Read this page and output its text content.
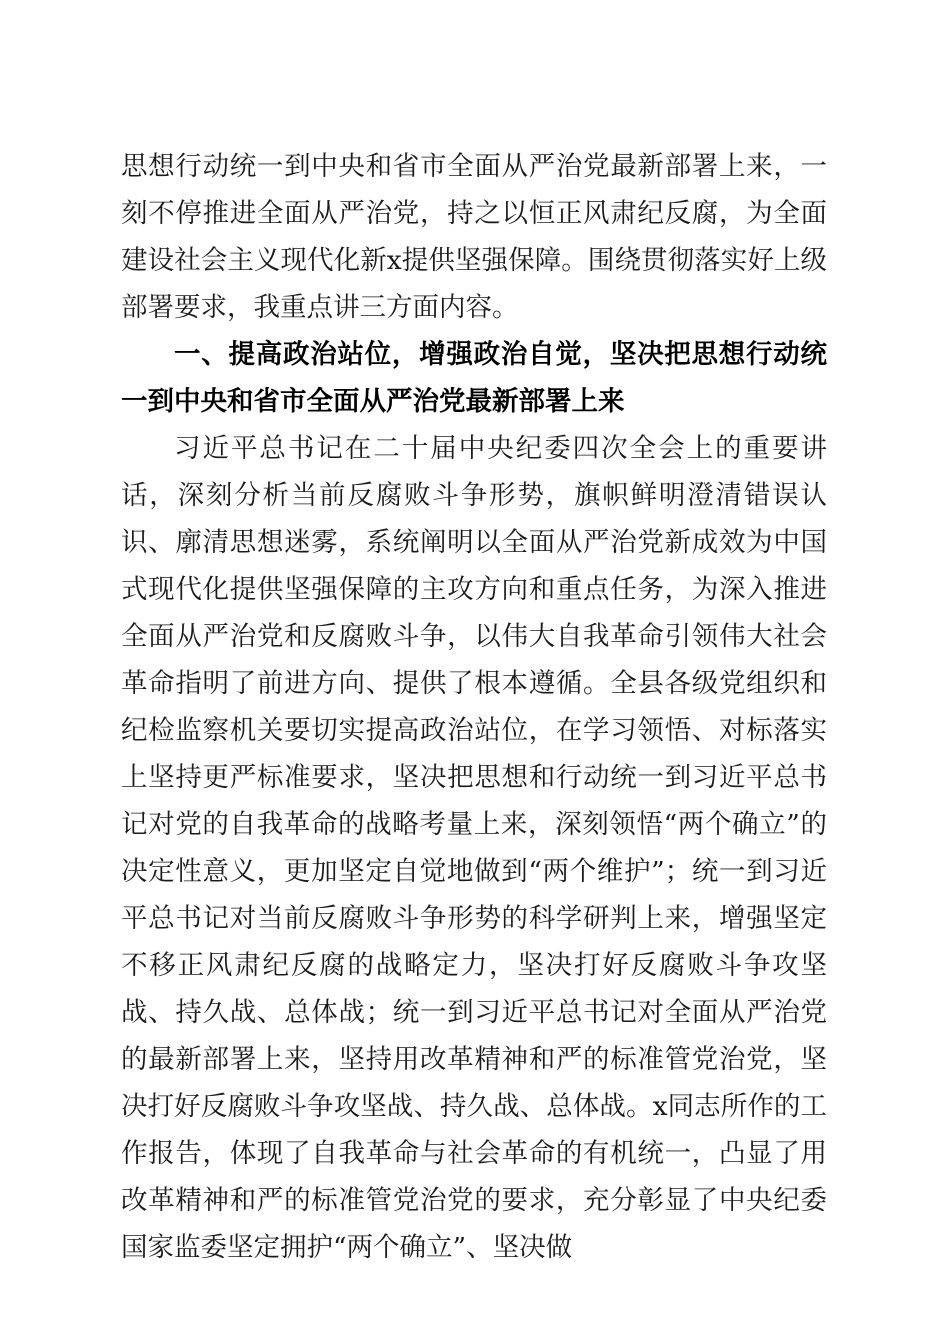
思想行动统一到中央和省市全面从严治党最新部署上来，一刻不停推进全面从严治党，持之以恒正风肃纪反腐，为全面建设社会主义现代化新x提供坚强保障。围绕贯彻落实好上级部署要求，我重点讲三方面内容。

一、提高政治站位，增强政治自觉，坚决把思想行动统一到中央和省市全面从严治党最新部署上来

习近平总书记在二十届中央纪委四次全会上的重要讲话，深刻分析当前反腐败斗争形势，旗帜鲜明澄清错误认识、廓清思想迷雾，系统阐明以全面从严治党新成效为中国式现代化提供坚强保障的主攻方向和重点任务，为深入推进全面从严治党和反腐败斗争，以伟大自我革命引领伟大社会革命指明了前进方向、提供了根本遵循。全县各级党组织和纪检监察机关要切实提高政治站位，在学习领悟、对标落实上坚持更严标准要求，坚决把思想和行动统一到习近平总书记对党的自我革命的战略考量上来，深刻领悟“两个确立”的决定性意义，更加坚定自觉地做到“两个维护”；统一到习近平总书记对当前反腐败斗争形势的科学研判上来，增强坚定不移正风肃纪反腐的战略定力，坚决打好反腐败斗争攻坚战、持久战、总体战；统一到习近平总书记对全面从严治党的最新部署上来，坚持用改革精神和严的标准管党治党，坚决打好反腐败斗争攻坚战、持久战、总体战。x同志所作的工作报告，体现了自我革命与社会革命的有机统一，凸显了用改革精神和严的标准管党治党的要求，充分彰显了中央纪委国家监委坚定拥护“两个确立”、坚决做
